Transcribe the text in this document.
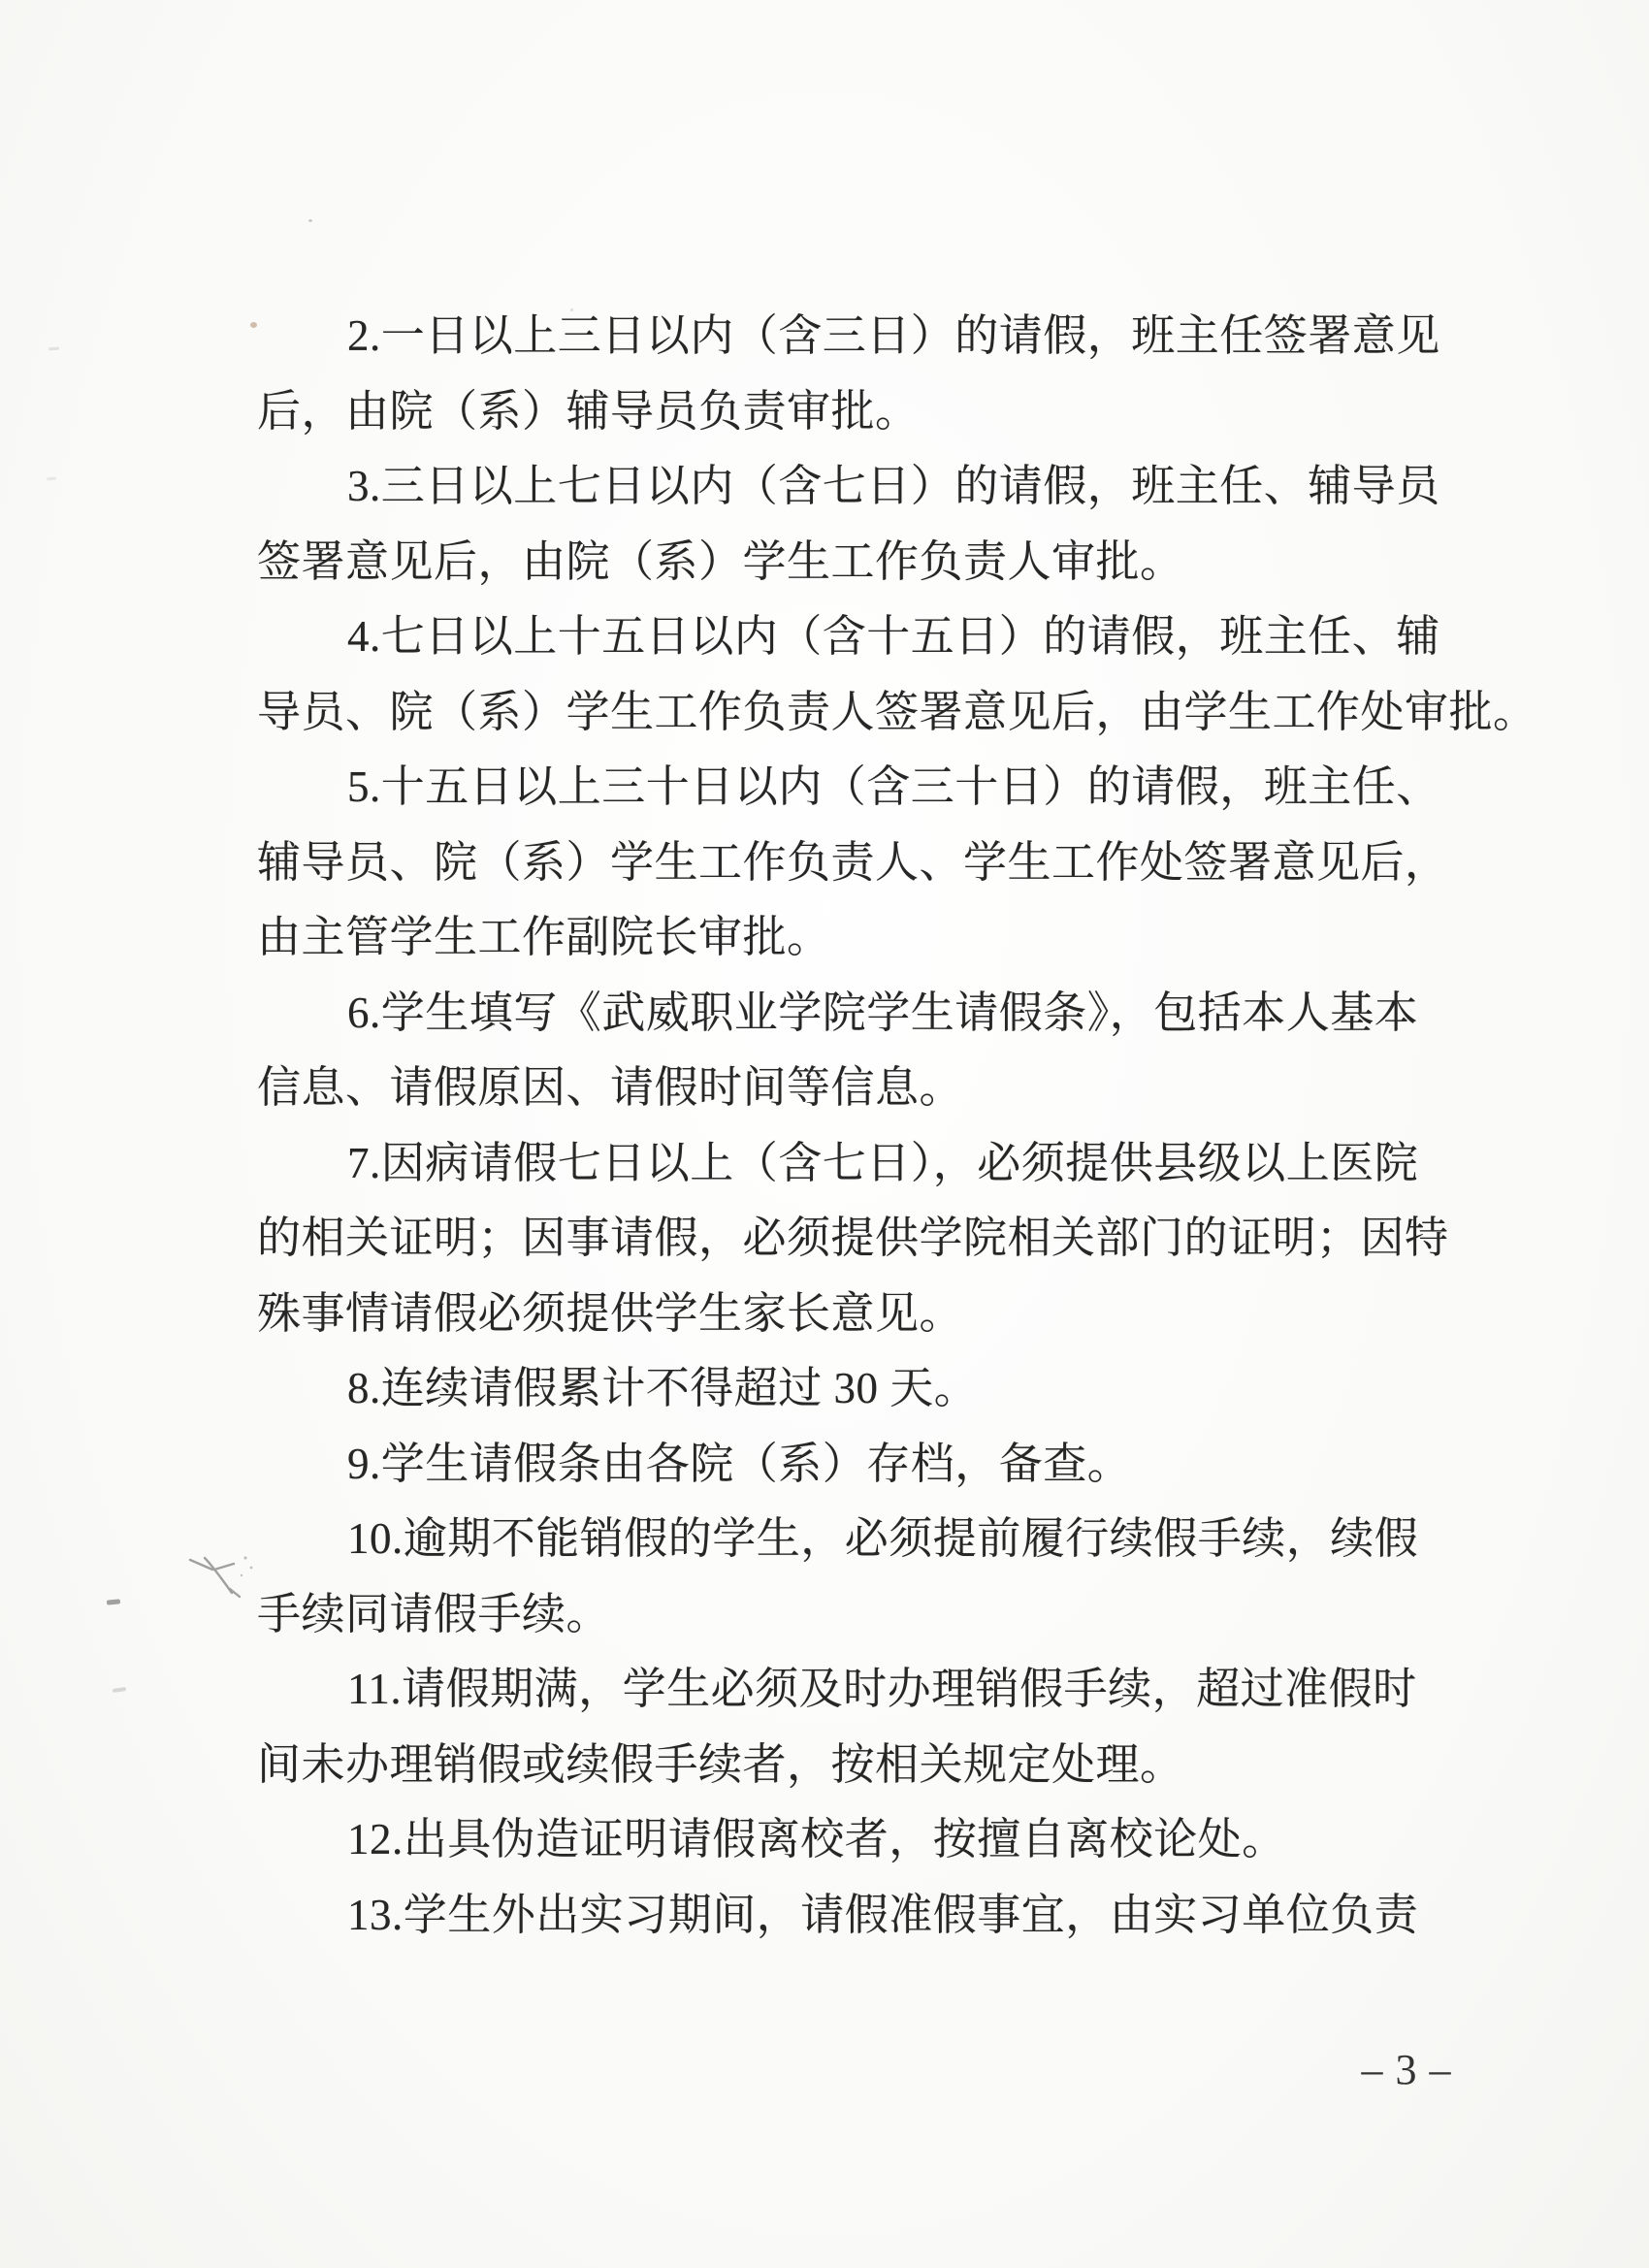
2.一日以上三日以内（含三日）的请假，班主任签署意见
后，由院（系）辅导员负责审批。
3.三日以上七日以内（含七日）的请假，班主任、辅导员
签署意见后，由院（系）学生工作负责人审批。
4.七日以上十五日以内（含十五日）的请假，班主任、辅
导员、院（系）学生工作负责人签署意见后，由学生工作处审批。
5.十五日以上三十日以内（含三十日）的请假，班主任、
辅导员、院（系）学生工作负责人、学生工作处签署意见后，
由主管学生工作副院长审批。
6.学生填写《武威职业学院学生请假条》，包括本人基本
信息、请假原因、请假时间等信息。
7.因病请假七日以上（含七日），必须提供县级以上医院
的相关证明；因事请假，必须提供学院相关部门的证明；因特
殊事情请假必须提供学生家长意见。
8.连续请假累计不得超过 30 天。
9.学生请假条由各院（系）存档，备查。
10.逾期不能销假的学生，必须提前履行续假手续，续假
手续同请假手续。
11.请假期满，学生必须及时办理销假手续，超过准假时
间未办理销假或续假手续者，按相关规定处理。
12.出具伪造证明请假离校者，按擅自离校论处。
13.学生外出实习期间，请假准假事宜，由实习单位负责
– 3 –
